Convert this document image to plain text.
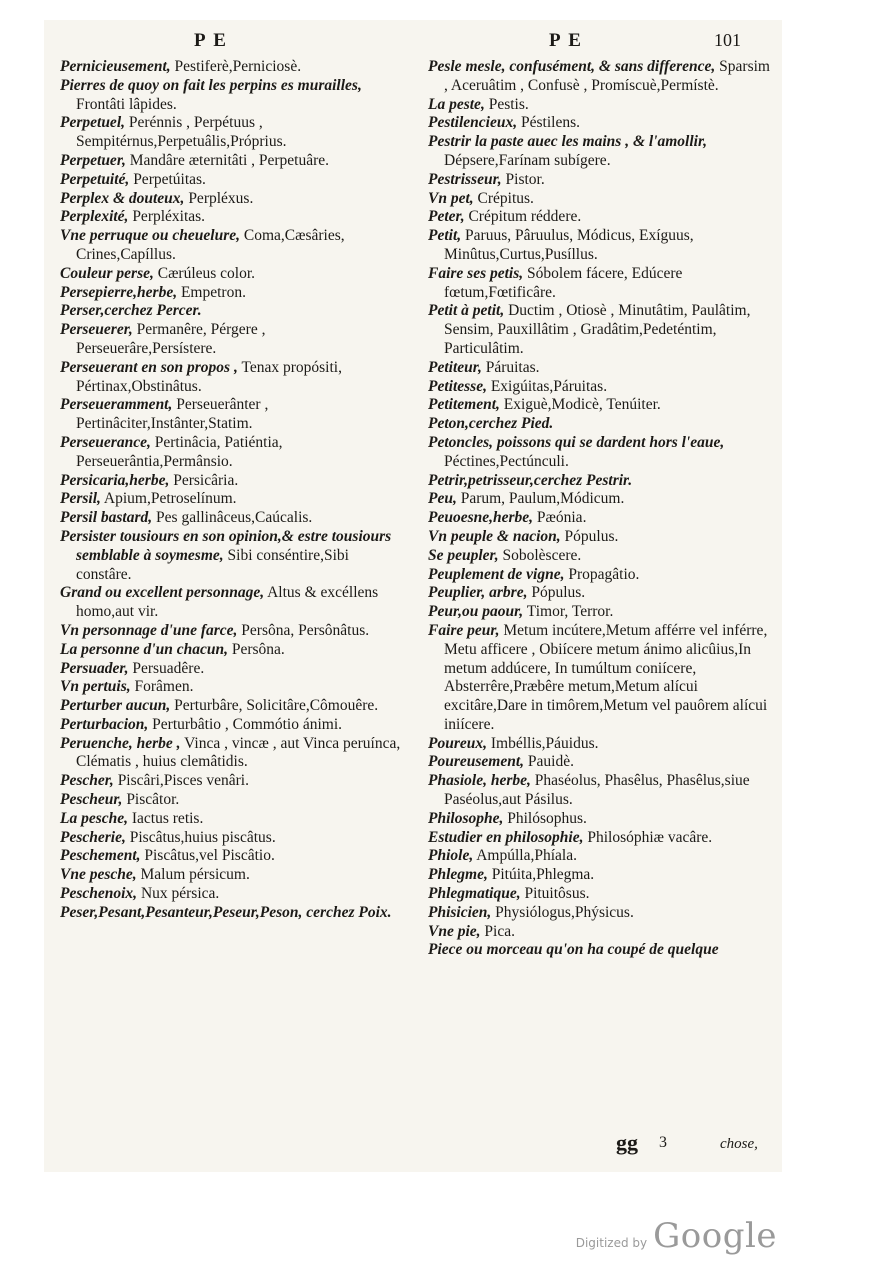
P E	P E	101

Pernicieusement, Pestiferè,Perniciosè.

Pierres de quoy on fait les perpins es murailles, Frontâti lâpides.

Perpetuel, Perénnis , Perpétuus , Sempitérnus,Perpetuâlis,Próprius.

Perpetuer, Mandâre æternitâti , Perpetuâre.

Perpetuité, Perpetúitas.

Perplex & douteux, Perpléxus.

Perplexité, Perpléxitas.

Vne perruque ou cheuelure, Coma,Cæsâries, Crines,Capíllus.

Couleur perse, Cærúleus color.

Persepierre,herbe, Empetron.

Perser,cerchez Percer.

Perseuerer, Permanêre, Pérgere , Perseuerâre,Persístere.

Perseuerant en son propos , Tenax propósiti, Pértinax,Obstinâtus.

Perseueramment, Perseuerânter , Pertinâciter,Instânter,Statim.

Perseuerance, Pertinâcia, Patiéntia, Perseuerântia,Permânsio.

Persicaria,herbe, Persicâria.

Persil, Apium,Petroselínum.

Persil bastard, Pes gallinâceus,Caúcalis.

Persister tousiours en son opinion,& estre tousiours semblable à soymesme, Sibi conséntire,Sibi constâre.

Grand ou excellent personnage, Altus & excéllens homo,aut vir.

Vn personnage d'une farce, Persôna, Persônâtus.

La personne d'un chacun, Persôna.

Persuader, Persuadêre.

Vn pertuis, Forâmen.

Perturber aucun, Perturbâre, Solicitâre,Cômouêre.

Perturbacion, Perturbâtio , Commótio ánimi.

Peruenche, herbe , Vinca , vincæ , aut Vinca peruínca, Clématis , huius clemâtidis.

Pescher, Piscâri,Pisces venâri.

Pescheur, Piscâtor.

La pesche, Iactus retis.

Pescherie, Piscâtus,huius piscâtus.

Peschement, Piscâtus,vel Piscâtio.

Vne pesche, Malum pérsicum.

Peschenoix, Nux pérsica.

Peser,Pesant,Pesanteur,Peseur,Peson, cerchez Poix.

Pesle mesle, confusément, & sans difference, Sparsim , Aceruâtim , Confusè , Promíscuè,Permístè.

La peste, Pestis.

Pestilencieux, Péstilens.

Pestrir la paste auec les mains , & l'amollir, Dépsere,Farínam subígere.

Pestrisseur, Pistor.

Vn pet, Crépitus.

Peter, Crépitum réddere.

Petit, Paruus, Pâruulus, Módicus, Exíguus, Minûtus,Curtus,Pusíllus.

Faire ses petis, Sóbolem fácere, Edúcere fœtum,Fœtificâre.

Petit à petit, Ductim , Otiosè , Minutâtim, Paulâtim, Sensim, Pauxillâtim , Gradâtim,Pedeténtim, Particulâtim.

Petiteur, Páruitas.

Petitesse, Exigúitas,Páruitas.

Petitement, Exiguè,Modicè, Tenúiter.

Peton,cerchez Pied.

Petoncles, poissons qui se dardent hors l'eaue, Péctines,Pectúnculi.

Petrir,petrisseur,cerchez Pestrir.

Peu, Parum, Paulum,Módicum.

Peuoesne,herbe, Pæónia.

Vn peuple & nacion, Pópulus.

Se peupler, Sobolèscere.

Peuplement de vigne, Propagâtio.

Peuplier, arbre, Pópulus.

Peur,ou paour, Timor, Terror.

Faire peur, Metum incútere,Metum afférre vel inférre, Metu afficere , Obiícere metum ánimo alicûius,In metum addúcere, In tumúltum coniícere, Absterrêre,Præbêre metum,Metum alícui excitâre,Dare in timôrem,Metum vel pauôrem alícui iniícere.

Poureux, Imbéllis,Páuidus.

Poureusement, Pauidè.

Phasiole, herbe, Phaséolus, Phasêlus, Phasêlus,siue Paséolus,aut Pásilus.

Philosophe, Philósophus.

Estudier en philosophie, Philosóphiæ vacâre.

Phiole, Ampúlla,Phíala.

Phlegme, Pitúita,Phlegma.

Phlegmatique, Pituitôsus.

Phisicien, Physiólogus,Phýsicus.

Vne pie, Pica.

Piece ou morceau qu'on ha coupé de quelque

gg 3	chose,
Digitized by Google
